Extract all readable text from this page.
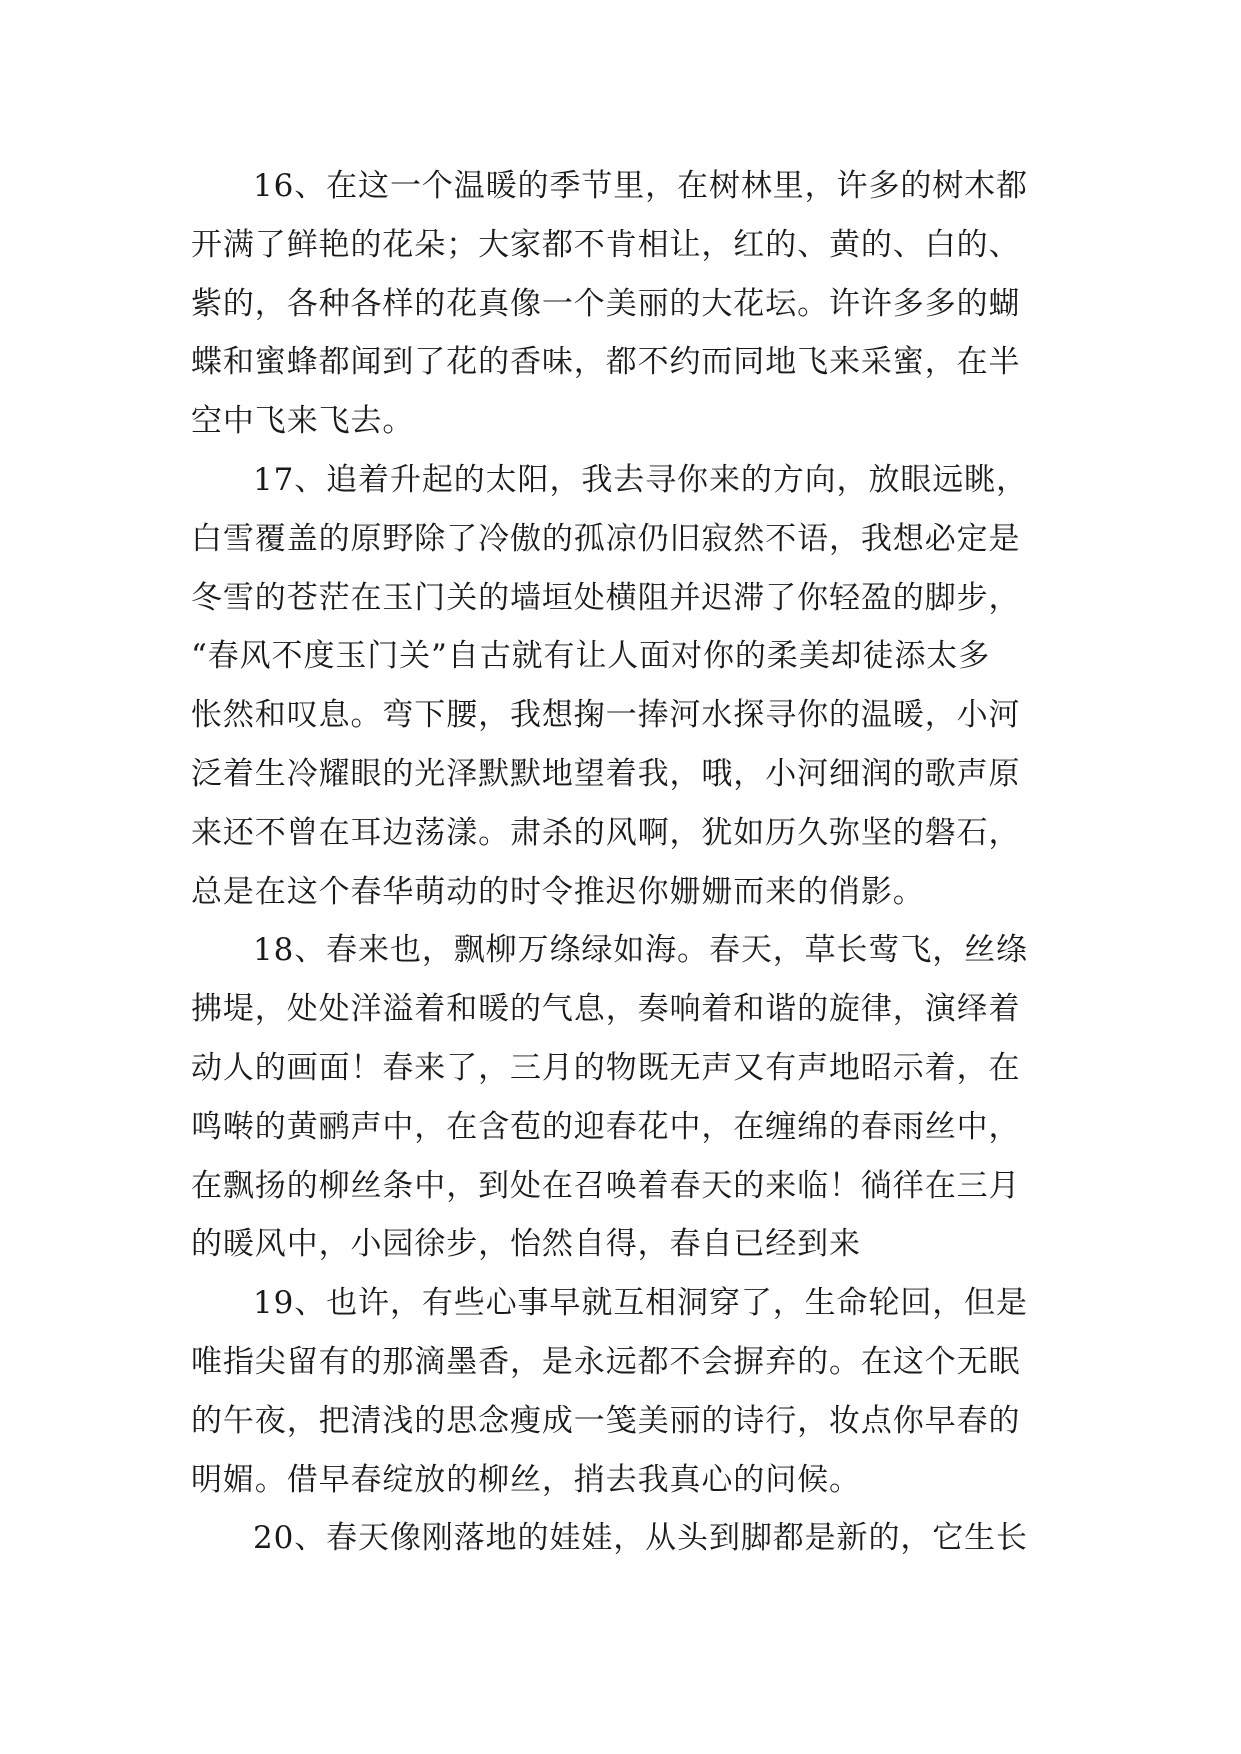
16、在这一个温暖的季节里，在树林里，许多的树木都
开满了鲜艳的花朵；大家都不肯相让，红的、黄的、白的、
紫的，各种各样的花真像一个美丽的大花坛。许许多多的蝴
蝶和蜜蜂都闻到了花的香味，都不约而同地飞来采蜜，在半
空中飞来飞去。
17、追着升起的太阳，我去寻你来的方向，放眼远眺，
白雪覆盖的原野除了冷傲的孤凉仍旧寂然不语，我想必定是
冬雪的苍茫在玉门关的墙垣处横阻并迟滞了你轻盈的脚步，
“春风不度玉门关”自古就有让人面对你的柔美却徒添太多
怅然和叹息。弯下腰，我想掬一捧河水探寻你的温暖，小河
泛着生冷耀眼的光泽默默地望着我，哦，小河细润的歌声原
来还不曾在耳边荡漾。肃杀的风啊，犹如历久弥坚的磐石，
总是在这个春华萌动的时令推迟你姗姗而来的俏影。
18、春来也，飘柳万绦绿如海。春天，草长莺飞，丝绦
拂堤，处处洋溢着和暖的气息，奏响着和谐的旋律，演绎着
动人的画面！春来了，三月的物既无声又有声地昭示着，在
鸣啭的黄鹂声中，在含苞的迎春花中，在缠绵的春雨丝中，
在飘扬的柳丝条中，到处在召唤着春天的来临！徜徉在三月
的暖风中，小园徐步，怡然自得，春自已经到来
19、也许，有些心事早就互相洞穿了，生命轮回，但是
唯指尖留有的那滴墨香，是永远都不会摒弃的。在这个无眠
的午夜，把清浅的思念瘦成一笺美丽的诗行，妆点你早春的
明媚。借早春绽放的柳丝，捎去我真心的问候。
20、春天像刚落地的娃娃，从头到脚都是新的，它生长
